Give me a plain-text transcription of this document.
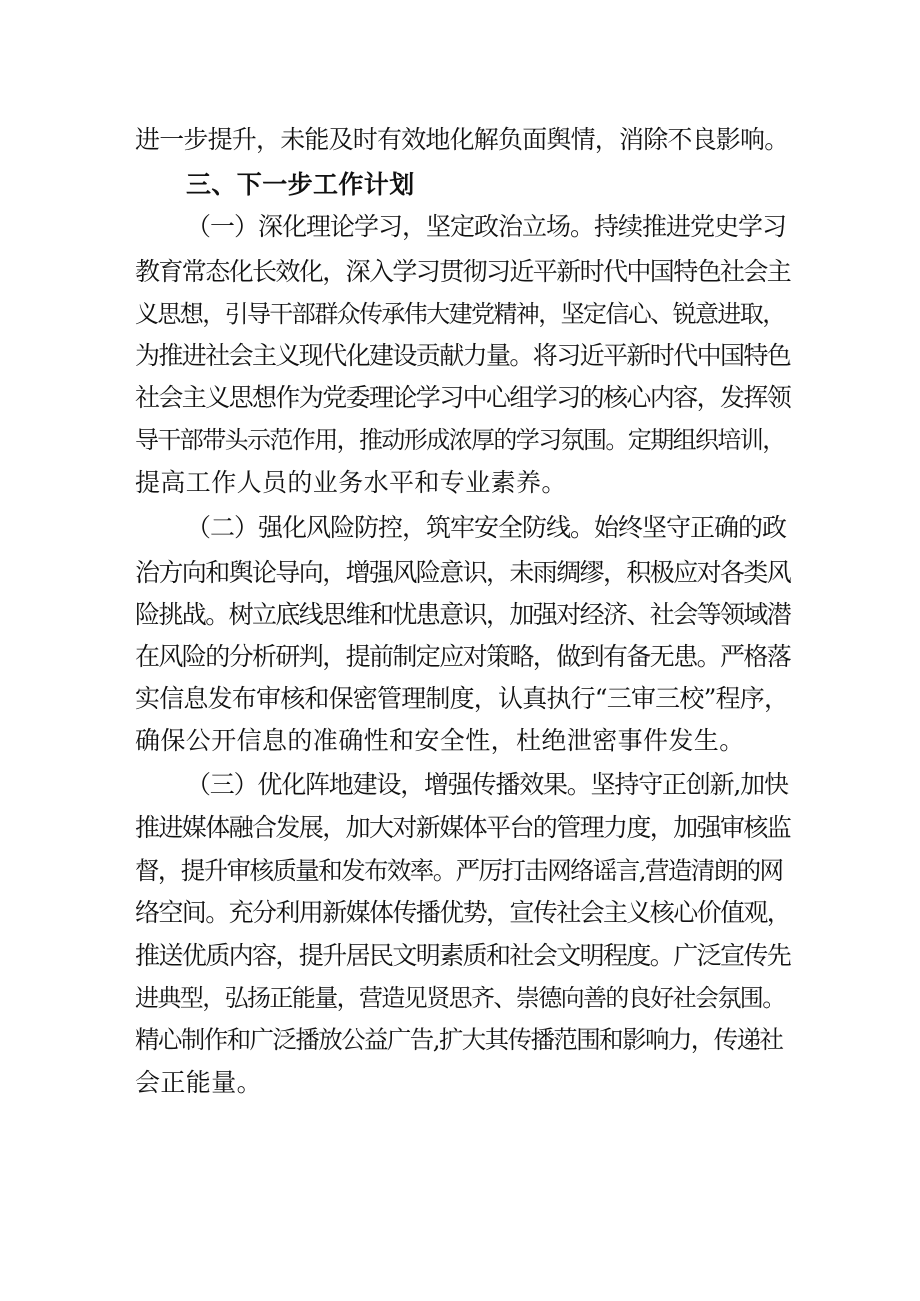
进一步提升，未能及时有效地化解负面舆情，消除不良影响。
三、下一步工作计划
（一）深化理论学习，坚定政治立场。持续推进党史学习
教育常态化长效化，深入学习贯彻习近平新时代中国特色社会主
义思想，引导干部群众传承伟大建党精神，坚定信心、锐意进取，
为推进社会主义现代化建设贡献力量。将习近平新时代中国特色
社会主义思想作为党委理论学习中心组学习的核心内容，发挥领
导干部带头示范作用，推动形成浓厚的学习氛围。定期组织培训，
提高工作人员的业务水平和专业素养。
（二）强化风险防控，筑牢安全防线。始终坚守正确的政
治方向和舆论导向，增强风险意识，未雨绸缪，积极应对各类风
险挑战。树立底线思维和忧患意识，加强对经济、社会等领域潜
在风险的分析研判，提前制定应对策略，做到有备无患。严格落
实信息发布审核和保密管理制度，认真执行“三审三校”程序，
确保公开信息的准确性和安全性，杜绝泄密事件发生。
（三）优化阵地建设，增强传播效果。坚持守正创新,加快
推进媒体融合发展，加大对新媒体平台的管理力度，加强审核监
督，提升审核质量和发布效率。严厉打击网络谣言,营造清朗的网
络空间。充分利用新媒体传播优势，宣传社会主义核心价值观，
推送优质内容，提升居民文明素质和社会文明程度。广泛宣传先
进典型，弘扬正能量，营造见贤思齐、崇德向善的良好社会氛围。
精心制作和广泛播放公益广告,扩大其传播范围和影响力，传递社
会正能量。
